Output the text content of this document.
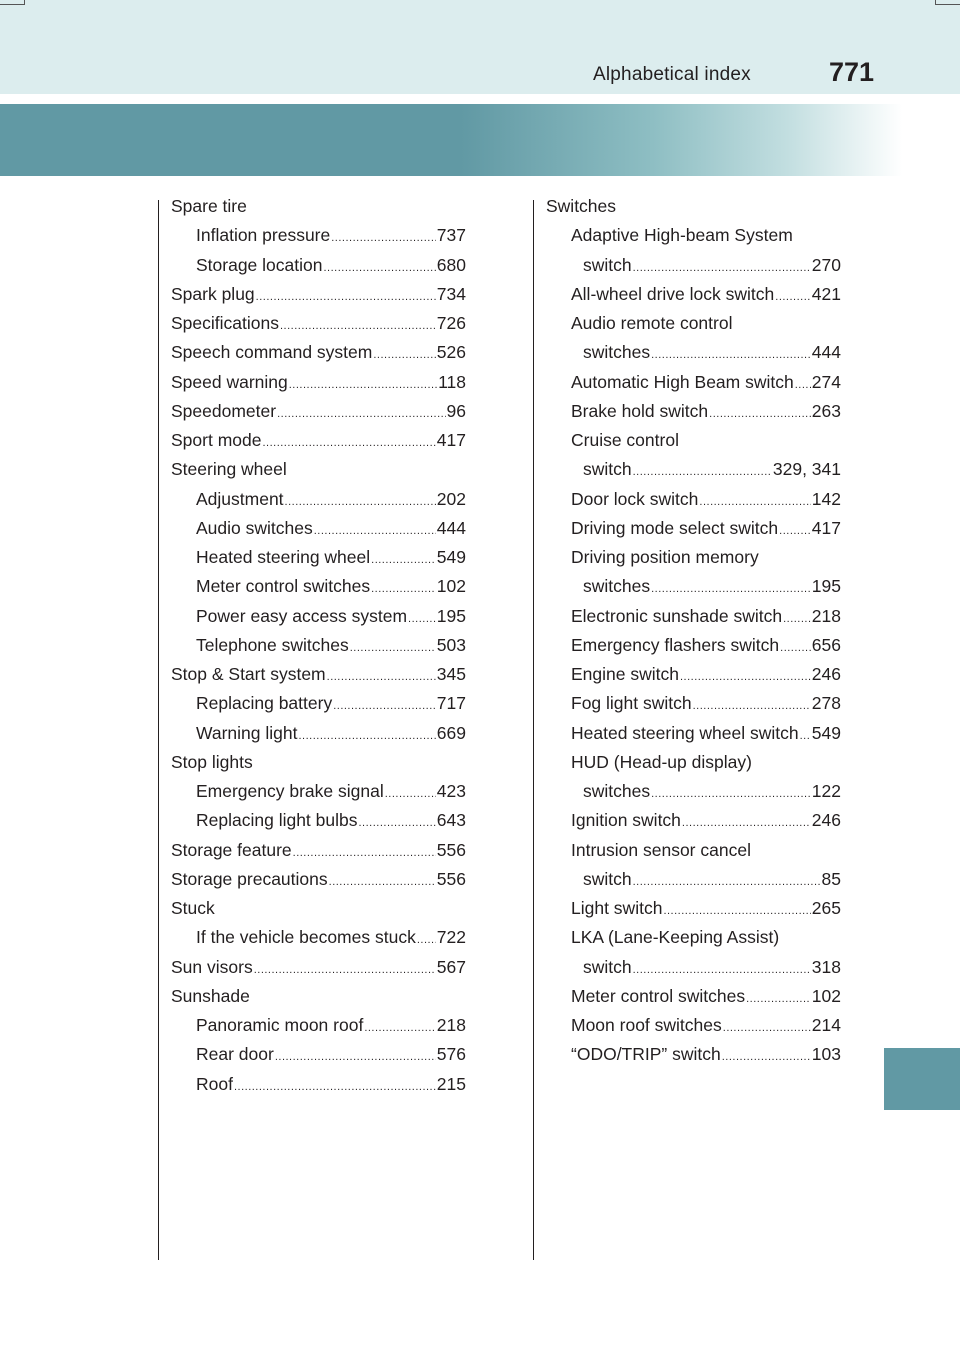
Alphabetical index	771
Spare tire
Inflation pressure .....	737
Storage location .....	680
Spark plug .....	734
Specifications .....	726
Speech command system .....	526
Speed warning .....	118
Speedometer .....	96
Sport mode .....	417
Steering wheel
Adjustment .....	202
Audio switches .....	444
Heated steering wheel .....	549
Meter control switches .....	102
Power easy access system ..... 195
Telephone switches .....	503
Stop & Start system .....	345
Replacing battery .....	717
Warning light .....	669
Stop lights
Emergency brake signal .....	423
Replacing light bulbs .....	643
Storage feature .....	556
Storage precautions .....	556
Stuck
If the vehicle becomes stuck ..... 722
Sun visors .....	567
Sunshade
Panoramic moon roof .....	218
Rear door .....	576
Roof .....	215
Switches
Adaptive High-beam System
switch .....	270
All-wheel drive lock switch ..... 421
Audio remote control
switches .....	444
Automatic High Beam switch ..... 274
Brake hold switch .....	263
Cruise control
switch .....	329, 341
Door lock switch .....	142
Driving mode select switch ..... 417
Driving position memory
switches .....	195
Electronic sunshade switch ..... 218
Emergency flashers switch ..... 656
Engine switch .....	246
Fog light switch .....	278
Heated steering wheel switch ..... 549
HUD (Head-up display)
switches .....	122
Ignition switch .....	246
Intrusion sensor cancel
switch .....	85
Light switch .....	265
LKA (Lane-Keeping Assist)
switch .....	318
Meter control switches .....	102
Moon roof switches .....	214
“ODO/TRIP” switch .....	103
